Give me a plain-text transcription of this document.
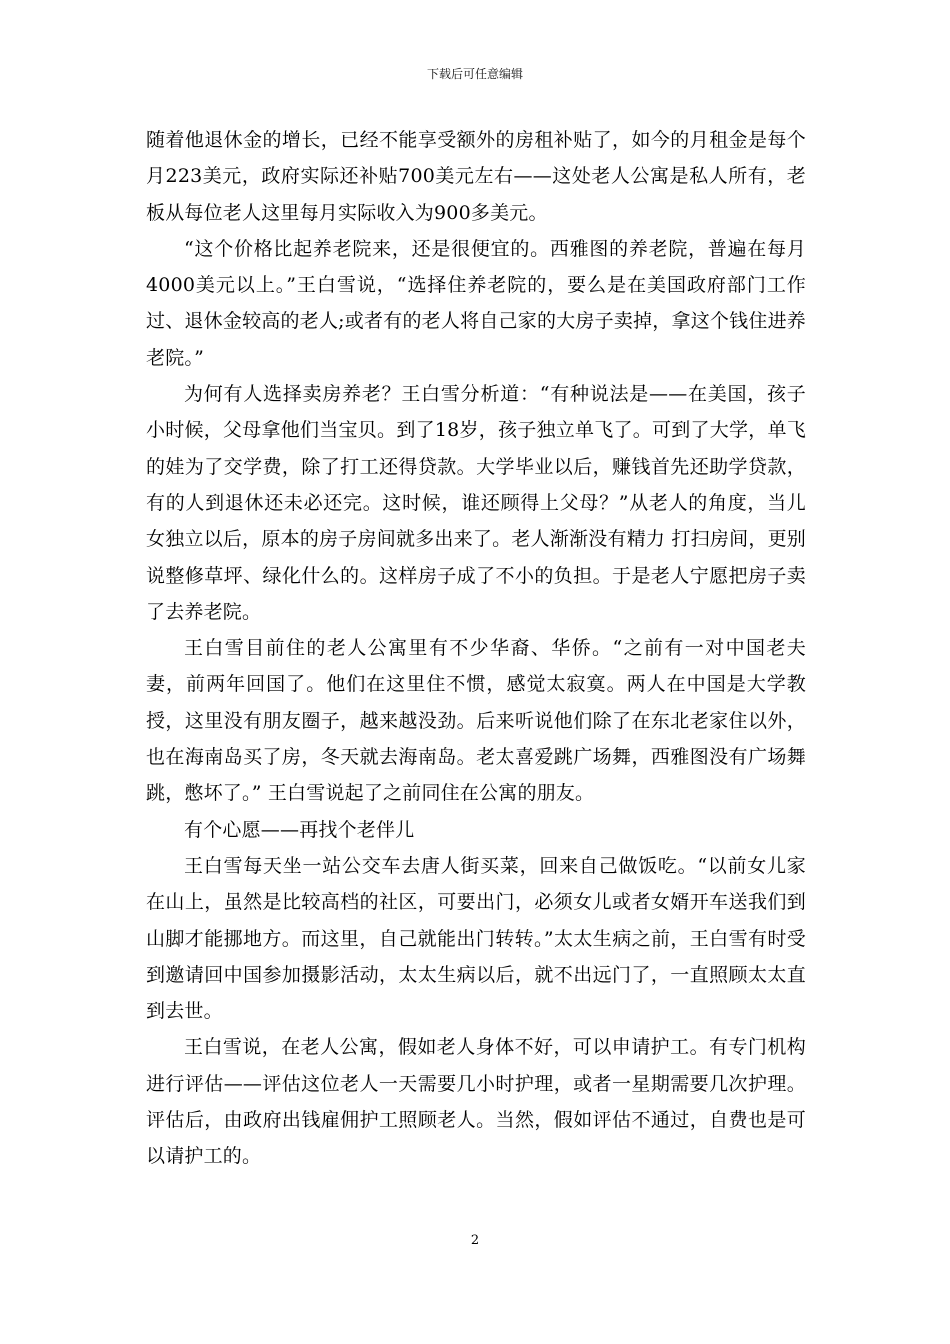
下载后可任意编辑

随着他退休金的增长，已经不能享受额外的房租补贴了，如今的月租金是每个月223美元，政府实际还补贴700美元左右——这处老人公寓是私人所有，老板从每位老人这里每月实际收入为900多美元。

“这个价格比起养老院来，还是很便宜的。西雅图的养老院，普遍在每月4000美元以上。”王白雪说，“选择住养老院的，要么是在美国政府部门工作过、退休金较高的老人;或者有的老人将自己家的大房子卖掉，拿这个钱住进养老院。”

为何有人选择卖房养老？王白雪分析道：“有种说法是——在美国，孩子小时候，父母拿他们当宝贝。到了18岁，孩子独立单飞了。可到了大学，单飞的娃为了交学费，除了打工还得贷款。大学毕业以后，赚钱首先还助学贷款，有的人到退休还未必还完。这时候，谁还顾得上父母？”从老人的角度，当儿女独立以后，原本的房子房间就多出来了。老人渐渐没有精力 打扫房间，更别说整修草坪、绿化什么的。这样房子成了不小的负担。于是老人宁愿把房子卖了去养老院。

王白雪目前住的老人公寓里有不少华裔、华侨。“之前有一对中国老夫妻，前两年回国了。他们在这里住不惯，感觉太寂寞。两人在中国是大学教授，这里没有朋友圈子，越来越没劲。后来听说他们除了在东北老家住以外，也在海南岛买了房，冬天就去海南岛。老太喜爱跳广场舞，西雅图没有广场舞跳，憋坏了。” 王白雪说起了之前同住在公寓的朋友。

有个心愿——再找个老伴儿

王白雪每天坐一站公交车去唐人街买菜，回来自己做饭吃。“以前女儿家在山上，虽然是比较高档的社区，可要出门，必须女儿或者女婿开车送我们到山脚才能挪地方。而这里，自己就能出门转转。”太太生病之前，王白雪有时受到邀请回中国参加摄影活动，太太生病以后，就不出远门了，一直照顾太太直到去世。

王白雪说，在老人公寓，假如老人身体不好，可以申请护工。有专门机构进行评估——评估这位老人一天需要几小时护理，或者一星期需要几次护理。评估后，由政府出钱雇佣护工照顾老人。当然，假如评估不通过，自费也是可以请护工的。

2
